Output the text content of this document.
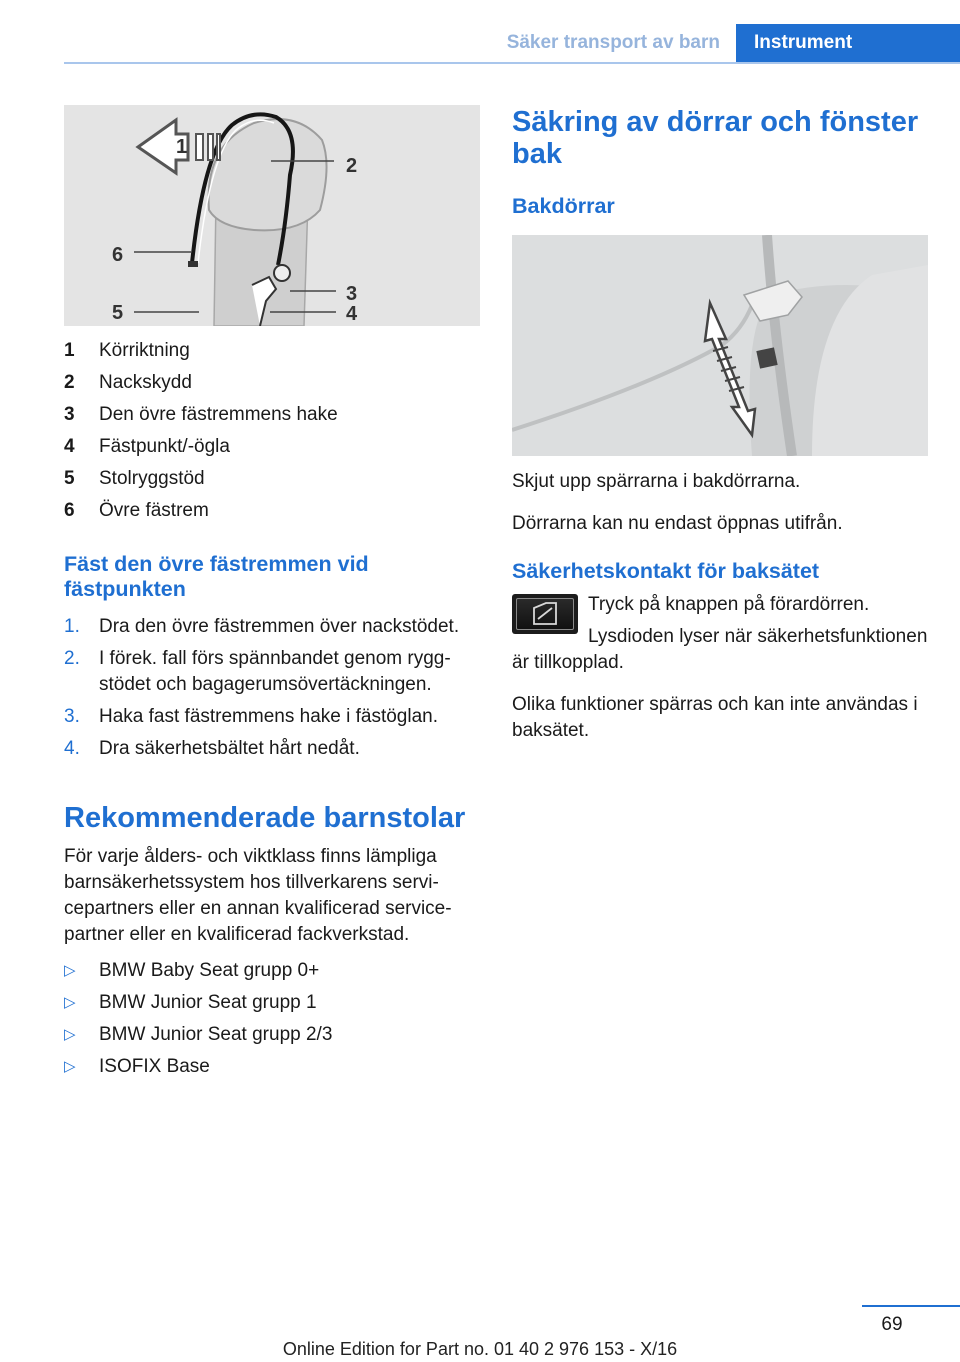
Säker transport av barn	Instrument
1
2
3
4
5
6
1	Körriktning
2	Nackskydd
3	Den övre fästremmens hake
4	Fästpunkt/-ögla
5	Stolryggstöd
6	Övre fästrem
Fäst den övre fästremmen vid fästpunkten
1.	Dra den övre fästremmen över nackstödet.
2.	I förek. fall förs spännbandet genom ryggstödet och bagagerumsövertäckningen.
3.	Haka fast fästremmens hake i fästöglan.
4.	Dra säkerhetsbältet hårt nedåt.
Rekommenderade barnstolar
För varje ålders- och viktklass finns lämpliga barnsäkerhetssystem hos tillverkarens servicepartners eller en annan kvalificerad servicepartner eller en kvalificerad fackverkstad.
▷	BMW Baby Seat grupp 0+
▷	BMW Junior Seat grupp 1
▷	BMW Junior Seat grupp 2/3
▷	ISOFIX Base
Säkring av dörrar och fönster bak
Bakdörrar
Skjut upp spärrarna i bakdörrarna.
Dörrarna kan nu endast öppnas utifrån.
Säkerhetskontakt för baksätet
Tryck på knappen på förardörren.
Lysdioden lyser när säkerhetsfunktionen är tillkopplad.
Olika funktioner spärras och kan inte användas i baksätet.
69
Online Edition for Part no. 01 40 2 976 153 - X/16
